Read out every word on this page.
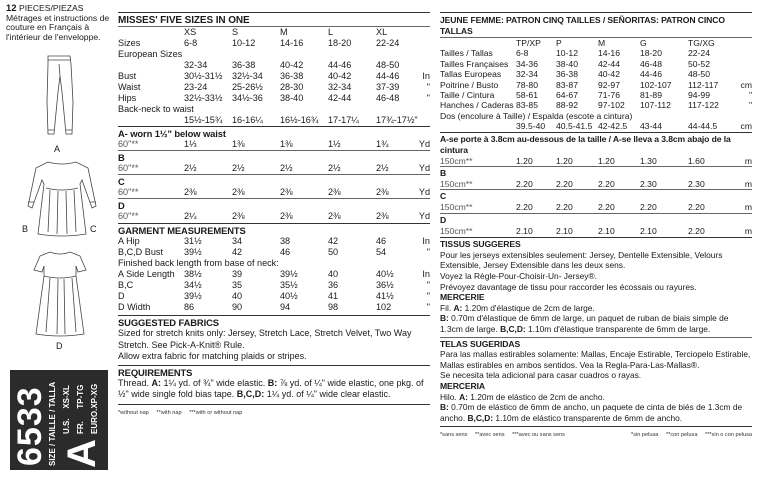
12 PIECES/PIEZAS
Métrages et instructions de couture en Français à l'intérieur de l'enveloppe.
A
B	C
D
6533 SIZE / TAILLE / TALLA A
U.S.	XS-XL
FR.	TP-TG
EURO.	XP-XG
MISSES' FIVE SIZES IN ONE
	XS	S	M	L	XL	
Sizes	6-8	10-12	14-16	18-20	22-24	
European Sizes						
	32-34	36-38	40-42	44-46	48-50	
Bust	30½-31½	32½-34	36-38	40-42	44-46	In
Waist	23-24	25-26½	28-30	32-34	37-39	"
Hips	32½-33½	34½-36	38-40	42-44	46-48	"
Back-neck to waist						
	15½-15¾	16-16¼	16½-16¾	17-17¼	17¾-17½"	
A- worn 1½" below waist
60"**	1⅓	1⅜	1⅜	1½	1¾	Yd
B
60"**	2½	2½	2½	2½	2½	Yd
C
60"**	2⅜	2⅜	2⅜	2⅜	2⅜	Yd
D
60"**	2¼	2⅜	2⅜	2⅜	2⅜	Yd
GARMENT MEASUREMENTS
A Hip	31½	34	38	42	46	In
B,C,D Bust	39½	42	46	50	54	"
Finished back length from base of neck:						
A Side Length	38½	39	39½	40	40½	In
B,C	34½	35	35½	36	36½	"
D	39½	40	40½	41	41½	"
D Width	86	90	94	98	102	"
SUGGESTED FABRICS
Sized for stretch knits only: Jersey, Stretch Lace, Stretch Velvet, Two Way Stretch. See Pick-A-Knit® Rule.
Allow extra fabric for matching plaids or stripes.
REQUIREMENTS
Thread. A: 1¼ yd. of ¾" wide elastic. B: ⅞ yd. of ¼" wide elastic, one pkg. of ½" wide single fold bias tape. B,C,D: 1¼ yd. of ¼" wide clear elastic.
*without nap **with nap ***with or without nap
JEUNE FEMME: PATRON CINQ TAILLES / SEÑORITAS: PATRON CINCO TALLAS
	TP/XP	P	M	G	TG/XG	
Tailles / Tallas	6-8	10-12	14-16	18-20	22-24	
Tailles Françaises	34-36	38-40	42-44	46-48	50-52	
Tallas Europeas	32-34	36-38	40-42	44-46	48-50	
Poitrine / Busto	78-80	83-87	92-97	102-107	112-117	cm
Taille / Cintura	58-61	64-67	71-76	81-89	94-99	"
Hanches / Caderas	83-85	88-92	97-102	107-112	117-122	"
Dos (encolure à Taille) / Espalda (escote a cintura)						
	39.5-40	40.5-41.5	42-42.5	43-44	44-44.5	cm
A-se porte à 3.8cm au-dessous de la taille / A-se lleva a 3.8cm abajo de la cintura
150cm**	1.20	1.20	1.20	1.30	1.60	m
B
150cm**	2.20	2.20	2.20	2.30	2.30	m
C
150cm**	2.20	2.20	2.20	2.20	2.20	m
D
150cm**	2.10	2.10	2.10	2.10	2.20	m
TISSUS SUGGERES
Pour les jerseys extensibles seulement: Jersey, Dentelle Extensible, Velours Extensible, Jersey Extensible dans les deux sens.
Voyez la Règle-Pour-Choisir-Un- Jersey®.
Prévoyez davantage de tissu pour raccorder les écossais ou rayures.
MERCERIE
Fil. A: 1.20m d'élastique de 2cm de large.
B: 0.70m d'élastique de 6mm de large, un paquet de ruban de biais simple de 1.3cm de large. B,C,D: 1.10m d'élastique transparente de 6mm de large.
TELAS SUGERIDAS
Para las mallas estirables solamente: Mallas, Encaje Estirable, Terciopelo Estirable, Mallas estirables en ambos sentidos. Vea la Regla-Para-Las-Mallas®.
Se necesita tela adicional para casar cuadros o rayas.
MERCERIA
Hilo. A: 1.20m de elástico de 2cm de ancho.
B: 0.70m de elástico de 6mm de ancho, un paquete de cinta de biés de 1.3cm de ancho. B,C,D: 1.10m de elástico transparente de 6mm de ancho.
*sans sens **avec sens ***avec ou sans sens	*sin pelusa **con pelusa ***sin o con pelusa
